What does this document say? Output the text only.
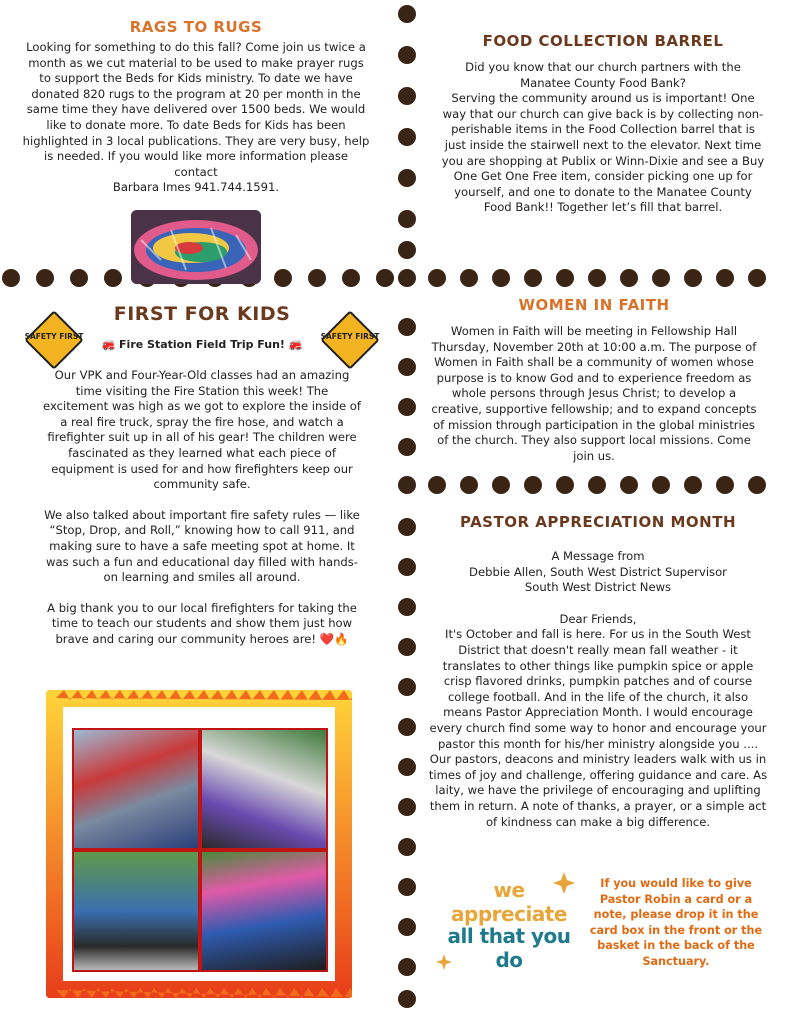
RAGS TO RUGS

Looking for something to do this fall? Come join us twice a month as we cut material to be used to make prayer rugs to support the Beds for Kids ministry. To date we have donated 820 rugs to the program at 20 per month in the same time they have delivered over 1500 beds. We would like to donate more. To date Beds for Kids has been highlighted in 3 local publications. They are very busy, help is needed. If you would like more information please contact

Barbara Imes 941.744.1591.

FOOD COLLECTION BARREL

Did you know that our church partners with the Manatee County Food Bank?
Serving the community around us is important! One way that our church can give back is by collecting non-perishable items in the Food Collection barrel that is just inside the stairwell next to the elevator. Next time you are shopping at Publix or Winn-Dixie and see a Buy One Get One Free item, consider picking one up for yourself, and one to donate to the Manatee County Food Bank!! Together let’s fill that barrel.

SAFETY FIRST	SAFETY FIRST
FIRST FOR KIDS
🚒 Fire Station Field Trip Fun! 🚒

Our VPK and Four-Year-Old classes had an amazing time visiting the Fire Station this week! The excitement was high as we got to explore the inside of a real fire truck, spray the fire hose, and watch a firefighter suit up in all of his gear! The children were fascinated as they learned what each piece of equipment is used for and how firefighters keep our community safe.

We also talked about important fire safety rules — like “Stop, Drop, and Roll,” knowing how to call 911, and making sure to have a safe meeting spot at home. It was such a fun and educational day filled with hands-on learning and smiles all around.

A big thank you to our local firefighters for taking the time to teach our students and show them just how brave and caring our community heroes are! ❤️🔥

WOMEN IN FAITH

Women in Faith will be meeting in Fellowship Hall Thursday, November 20th at 10:00 a.m. The purpose of Women in Faith shall be a community of women whose purpose is to know God and to experience freedom as whole persons through Jesus Christ; to develop a creative, supportive fellowship; and to expand concepts of mission through participation in the global ministries of the church. They also support local missions. Come join us.

PASTOR APPRECIATION MONTH

A Message from

Debbie Allen, South West District Supervisor

South West District News

Dear Friends,

It's October and fall is here. For us in the South West District that doesn't really mean fall weather - it translates to other things like pumpkin spice or apple crisp flavored drinks, pumpkin patches and of course college football. And in the life of the church, it also means Pastor Appreciation Month. I would encourage every church find some way to honor and encourage your pastor this month for his/her ministry alongside you .... Our pastors, deacons and ministry leaders walk with us in times of joy and challenge, offering guidance and care. As laity, we have the privilege of encouraging and uplifting them in return. A note of thanks, a prayer, or a simple act of kindness can make a big difference.

we appreciate
all that you do
If you would like to give Pastor Robin a card or a note, please drop it in the card box in the front or the basket in the back of the Sanctuary.
